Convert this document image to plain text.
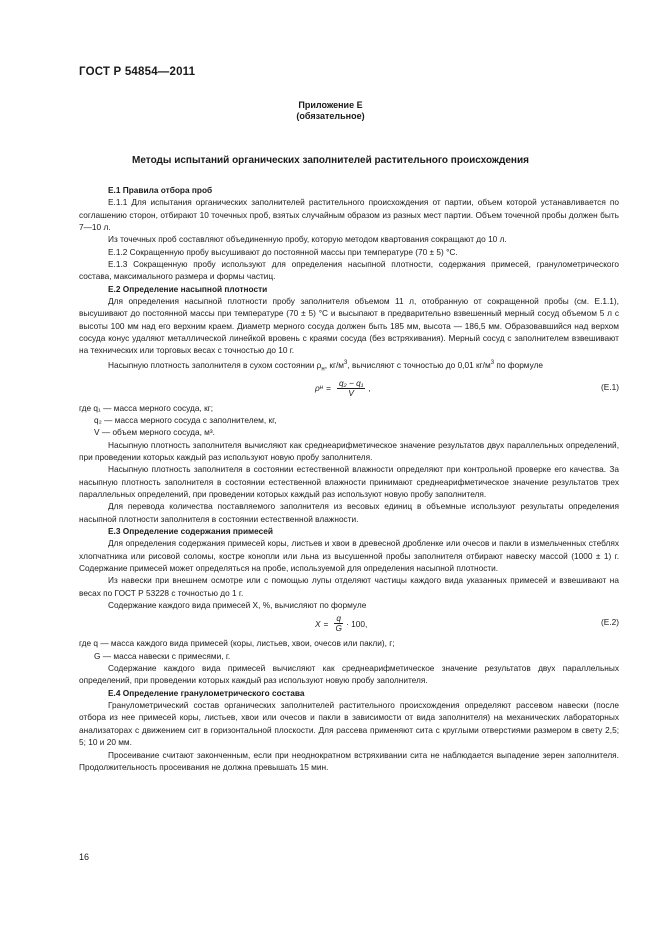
ГОСТ Р 54854—2011
Приложение Е
(обязательное)
Методы испытаний органических заполнителей растительного происхождения

Е.1 Правила отбора проб

Е.1.1 Для испытания органических заполнителей растительного происхождения от партии, объем которой устанавливается по соглашению сторон, отбирают 10 точечных проб, взятых случайным образом из разных мест партии. Объем точечной пробы должен быть 7—10 л.

Из точечных проб составляют объединенную пробу, которую методом квартования сокращают до 10 л.

Е.1.2 Сокращенную пробу высушивают до постоянной массы при температуре (70 ± 5) °С.

Е.1.3 Сокращенную пробу используют для определения насыпной плотности, содержания примесей, гранулометрического состава, максимального размера и формы частиц.

Е.2 Определение насыпной плотности

Для определения насыпной плотности пробу заполнителя объемом 11 л, отобранную от сокращенной пробы (см. Е.1.1), высушивают до постоянной массы при температуре (70 ± 5) °С и высыпают в предварительно взвешенный мерный сосуд объемом 5 л с высоты 100 мм над его верхним краем. Диаметр мерного сосуда должен быть 185 мм, высота — 186,5 мм. Образовавшийся над верхом сосуда конус удаляют металлической линейкой вровень с краями сосуда (без встряхивания). Мерный сосуд с заполнителем взвешивают на технических или торговых весах с точностью до 10 г.

Насыпную плотность заполнителя в сухом состоянии $\rho_н$, $кг/м^3$, вычисляют с точностью до 0,01 $кг/м^3$ по формуле

ρ $н = \frac{\text{q₂ − q₁}}{V}$ ,	(Е.1)

где q₁ — масса мерного сосуда, кг;

q₂ — масса мерного сосуда с заполнителем, кг,

V — объем мерного сосуда, м³.

Насыпную плотность заполнителя вычисляют как среднеарифметическое значение результатов двух параллельных определений, при проведении которых каждый раз используют новую пробу заполнителя.

Насыпную плотность заполнителя в состоянии естественной влажности определяют при контрольной проверке его качества. За насыпную плотность заполнителя в состоянии естественной влажности принимают среднеарифметическое значение результатов трех параллельных определений, при проведении которых каждый раз используют новую пробу заполнителя.

Для перевода количества поставляемого заполнителя из весовых единиц в объемные используют результаты определения насыпной плотности заполнителя в состоянии естественной влажности.

Е.3 Определение содержания примесей

Для определения содержания примесей коры, листьев и хвои в древесной дробленке или очесов и пакли в измельченных стеблях хлопчатника или рисовой соломы, костре конопли или льна из высушенной пробы заполнителя отбирают навеску массой (1000 ± 1) г. Содержание примесей может определяться на пробе, используемой для определения насыпной плотности.

Из навески при внешнем осмотре или с помощью лупы отделяют частицы каждого вида указанных примесей и взвешивают на весах по ГОСТ Р 53228 с точностью до 1 г.

Содержание каждого вида примесей X, %, вычисляют по формуле

$X = \frac{q}{G} \cdot 100$,	(Е.2)

где q — масса каждого вида примесей (коры, листьев, хвои, очесов или пакли), г;

G — масса навески с примесями, г.

Содержание каждого вида примесей вычисляют как среднеарифметическое значение результатов двух параллельных определений, при проведении которых каждый раз используют новую пробу заполнителя.

Е.4 Определение гранулометрического состава

Гранулометрический состав органических заполнителей растительного происхождения определяют рассевом навески (после отбора из нее примесей коры, листьев, хвои или очесов и пакли в зависимости от вида заполнителя) на механических лабораторных анализаторах с движением сит в горизонтальной плоскости. Для рассева применяют сита с круглыми отверстиями размером в свету 2,5; 5; 10 и 20 мм.

Просеивание считают законченным, если при неоднократном встряхивании сита не наблюдается выпадение зерен заполнителя. Продолжительность просеивания не должна превышать 15 мин.

16
